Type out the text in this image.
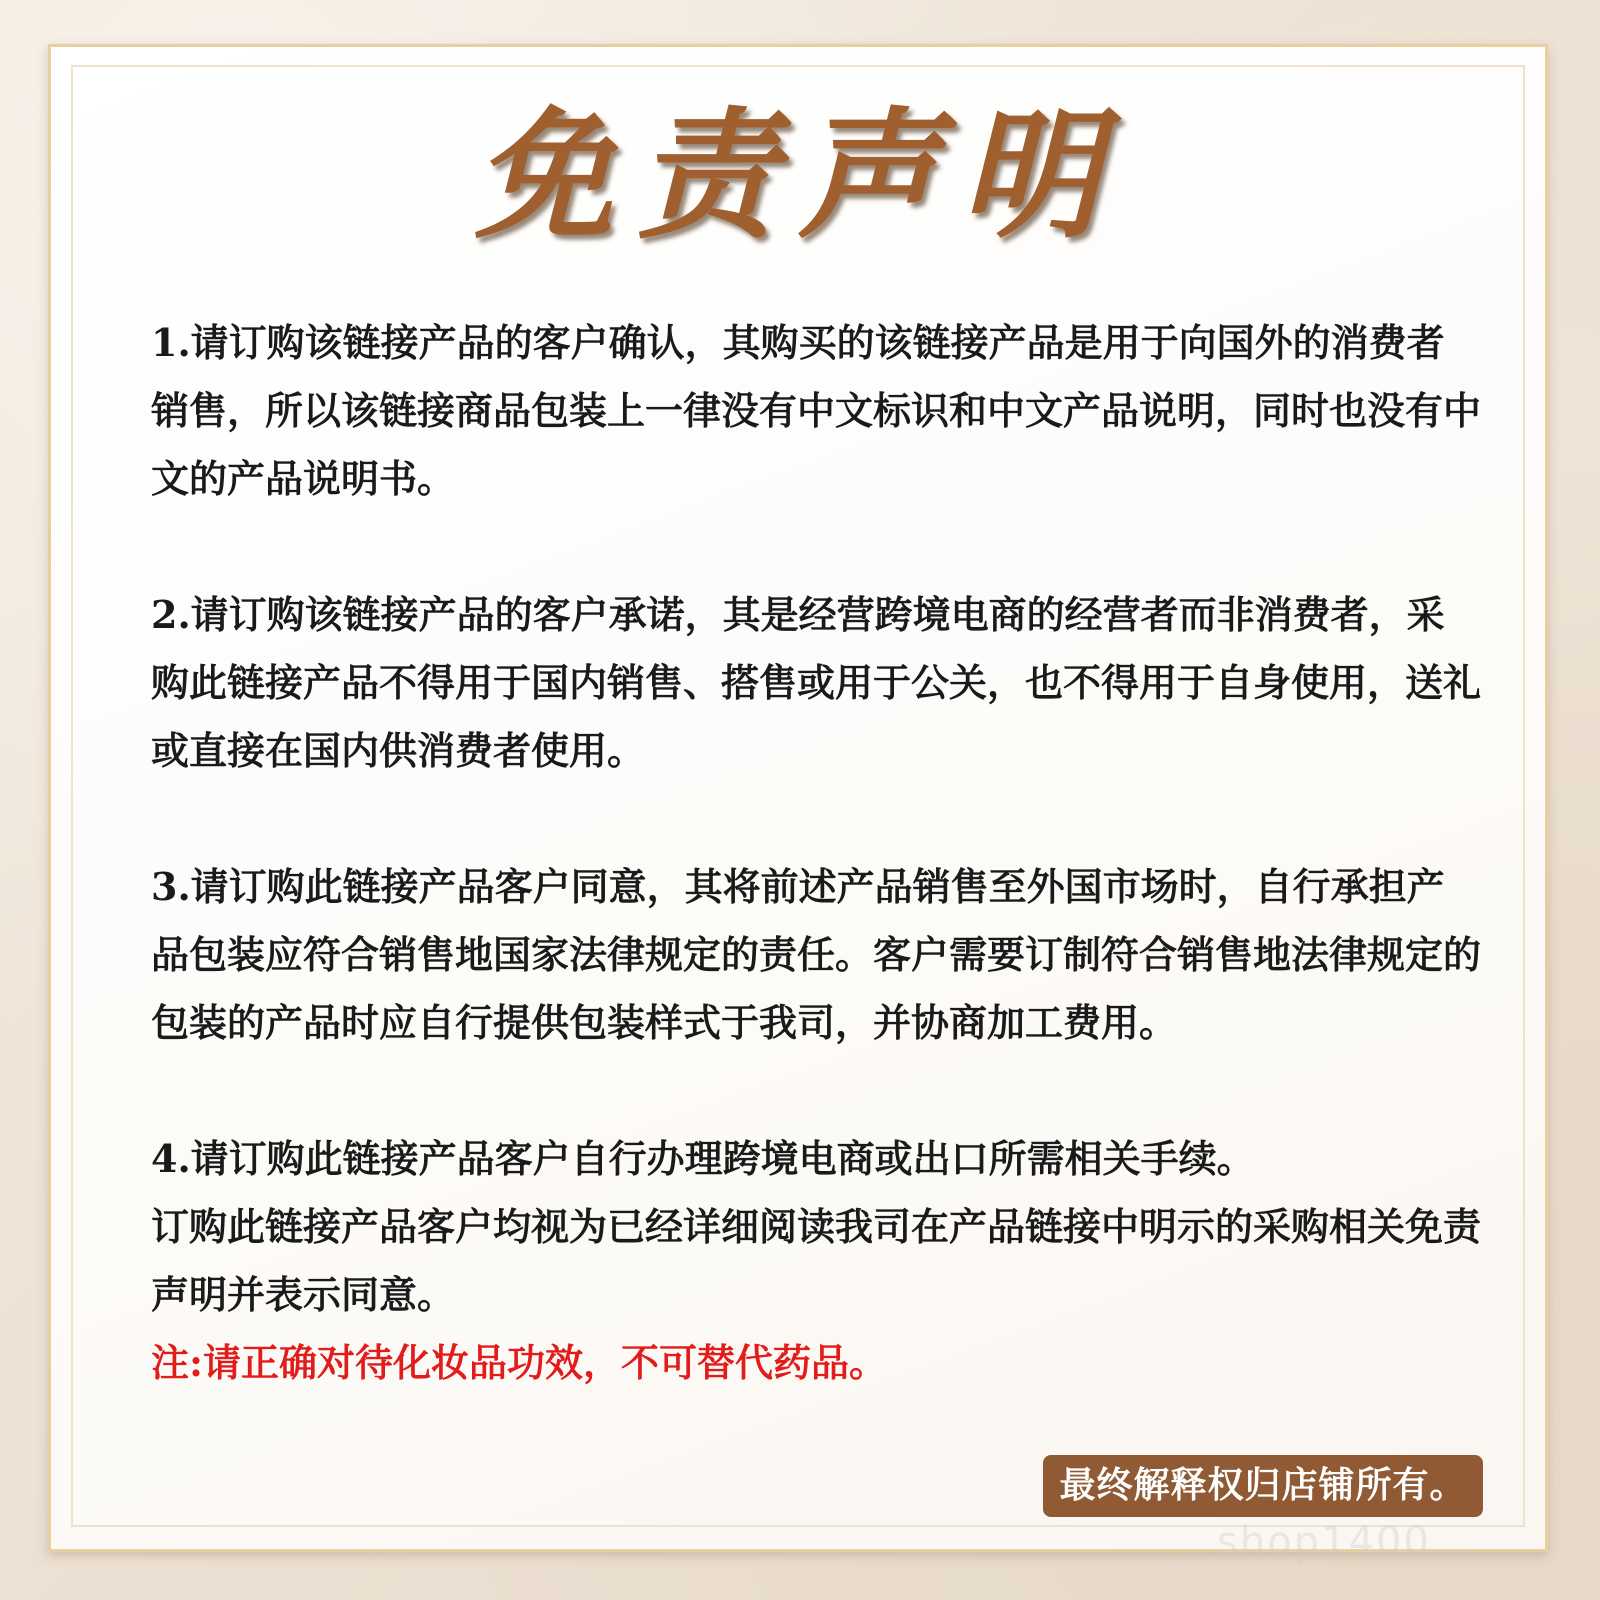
免责声明

1.请订购该链接产品的客户确认，其购买的该链接产品是用于向国外的消费者销售，所以该链接商品包装上一律没有中文标识和中文产品说明，同时也没有中文的产品说明书。

2.请订购该链接产品的客户承诺，其是经营跨境电商的经营者而非消费者，采购此链接产品不得用于国内销售、搭售或用于公关，也不得用于自身使用，送礼或直接在国内供消费者使用。

3.请订购此链接产品客户同意，其将前述产品销售至外国市场时，自行承担产品包装应符合销售地国家法律规定的责任。客户需要订制符合销售地法律规定的包装的产品时应自行提供包装样式于我司，并协商加工费用。

4.请订购此链接产品客户自行办理跨境电商或出口所需相关手续。

订购此链接产品客户均视为已经详细阅读我司在产品链接中明示的采购相关免责声明并表示同意。

注:请正确对待化妆品功效，不可替代药品。

最终解释权归店铺所有。
shop1400...
